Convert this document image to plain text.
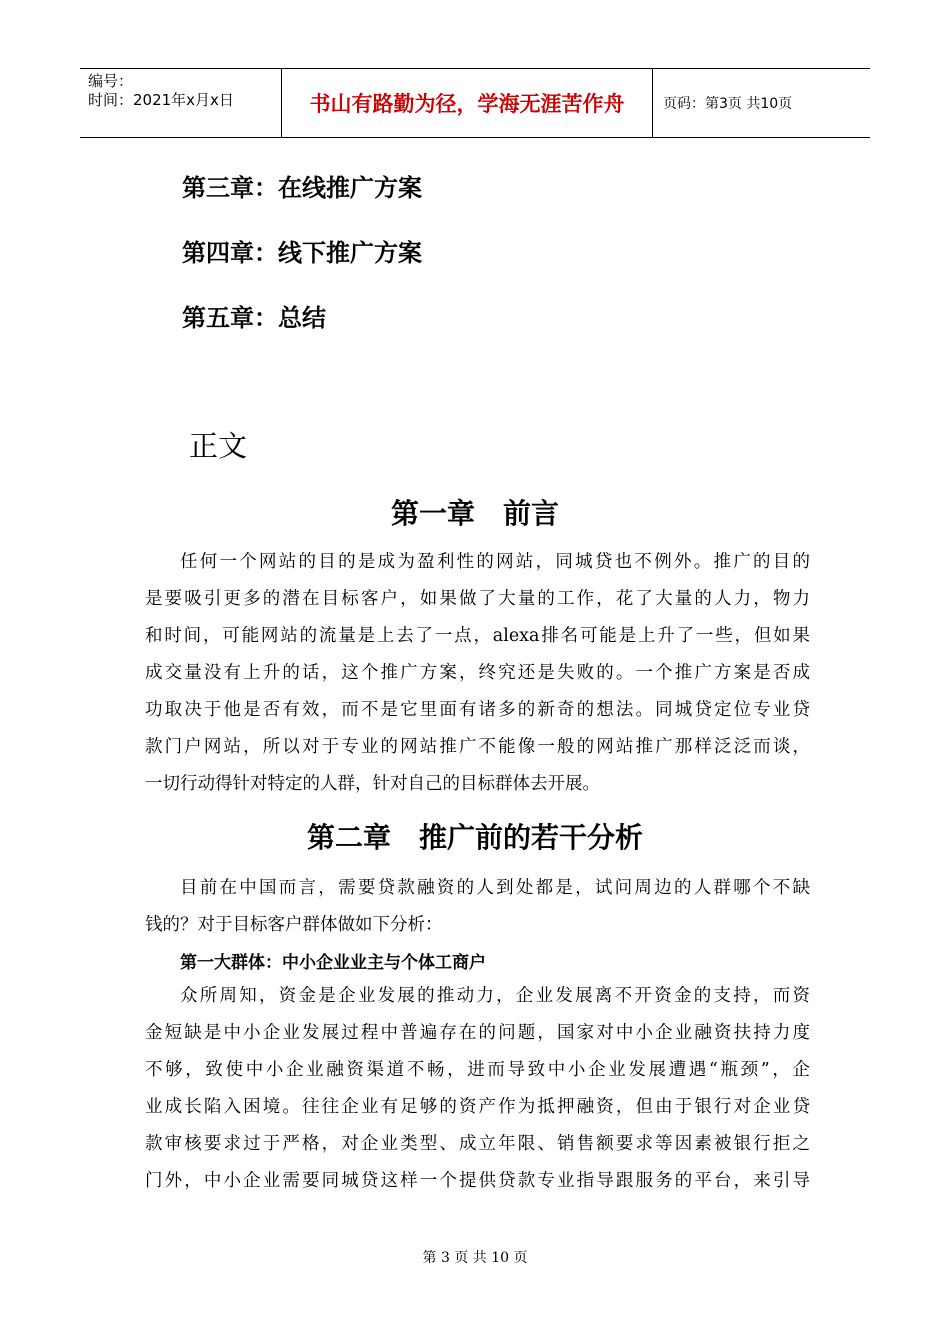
编号：
时间：2021年x月x日	书山有路勤为径，学海无涯苦作舟	页码：第3页 共10页
第三章：在线推广方案
第四章：线下推广方案
第五章：总结
正文
第一章　前言
任何一个网站的目的是成为盈利性的网站，同城贷也不例外。推广的目的
是要吸引更多的潜在目标客户，如果做了大量的工作，花了大量的人力，物力
和时间，可能网站的流量是上去了一点，alexa排名可能是上升了一些，但如果
成交量没有上升的话，这个推广方案，终究还是失败的。一个推广方案是否成
功取决于他是否有效，而不是它里面有诸多的新奇的想法。同城贷定位专业贷
款门户网站，所以对于专业的网站推广不能像一般的网站推广那样泛泛而谈，
一切行动得针对特定的人群，针对自己的目标群体去开展。
第二章　推广前的若干分析
目前在中国而言，需要贷款融资的人到处都是，试问周边的人群哪个不缺
钱的？对于目标客户群体做如下分析：
第一大群体：中小企业业主与个体工商户
众所周知，资金是企业发展的推动力，企业发展离不开资金的支持，而资
金短缺是中小企业发展过程中普遍存在的问题，国家对中小企业融资扶持力度
不够，致使中小企业融资渠道不畅，进而导致中小企业发展遭遇“瓶颈”，企
业成长陷入困境。往往企业有足够的资产作为抵押融资，但由于银行对企业贷
款审核要求过于严格，对企业类型、成立年限、销售额要求等因素被银行拒之
门外，中小企业需要同城贷这样一个提供贷款专业指导跟服务的平台，来引导
第 3 页 共 10 页
